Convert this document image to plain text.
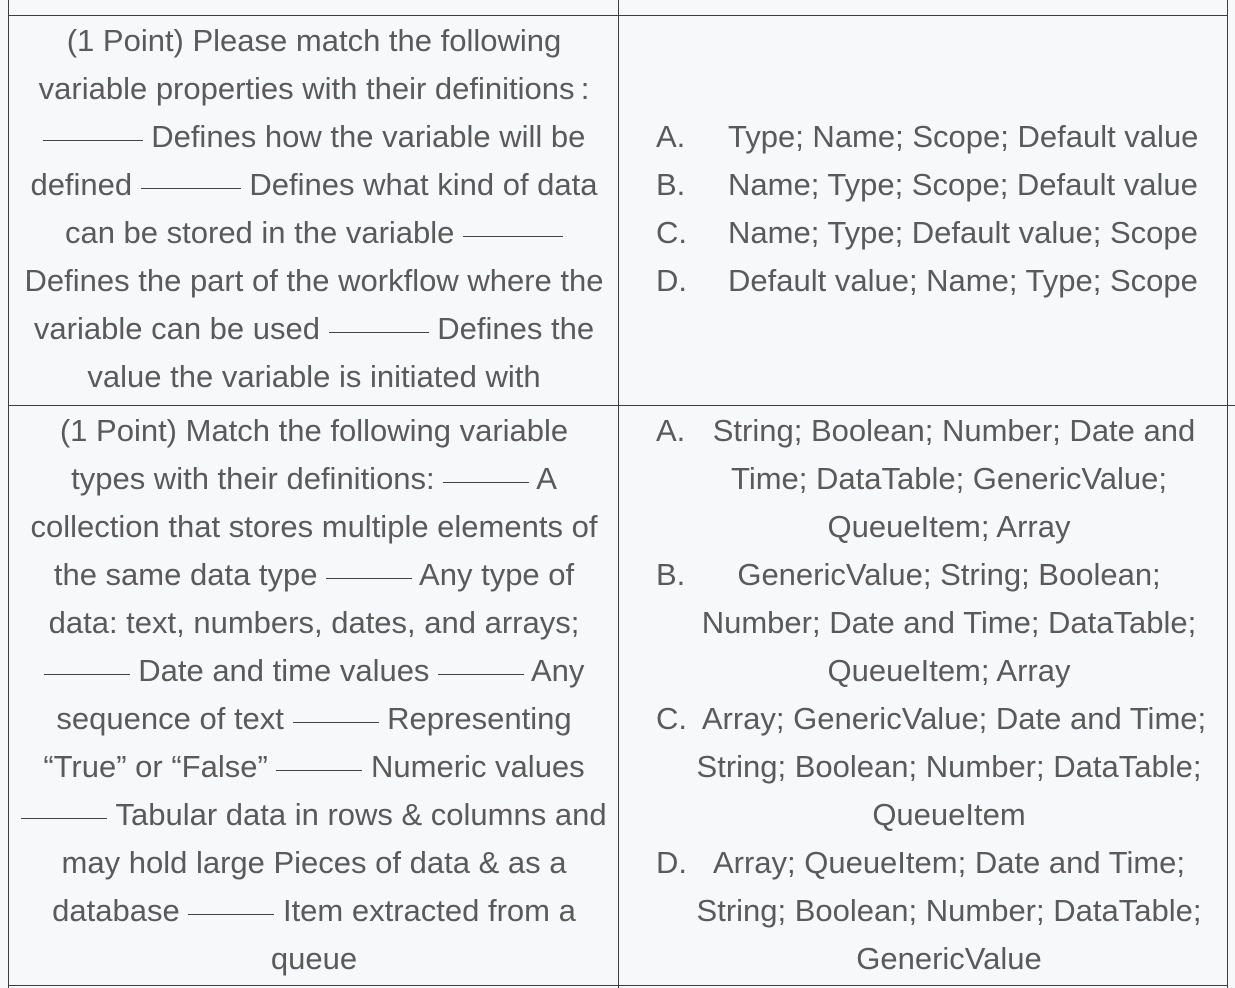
(1 Point) Please match the following
variable properties with their definitions :
Defines how the variable will be
defined	Defines what kind of data
can be stored in the variable
Defines the part of the workflow where the
variable can be used	Defines the
value the variable is initiated with
A.	Type; Name; Scope; Default value
B.	Name; Type; Scope; Default value
C. Name; Type; Default value; Scope
D. Default value; Name; Type; Scope
(1 Point) Match the following variable
types with their definitions:	A
collection that stores multiple elements of
the same data type	Any type of
data: text, numbers, dates, and arrays;
Date and time values	Any
sequence of text	Representing
“True” or “False”	Numeric values
Tabular data in rows & columns and
may hold large Pieces of data & as a
database	Item extracted from a
queue
A. String; Boolean; Number; Date and
Time; DataTable; GenericValue;
QueueItem; Array
B.	GenericValue; String; Boolean;
Number; Date and Time; DataTable;
QueueItem; Array
C. Array; GenericValue; Date and Time;
String; Boolean; Number; DataTable;
QueueItem
D. Array; QueueItem; Date and Time;
String; Boolean; Number; DataTable;
GenericValue
